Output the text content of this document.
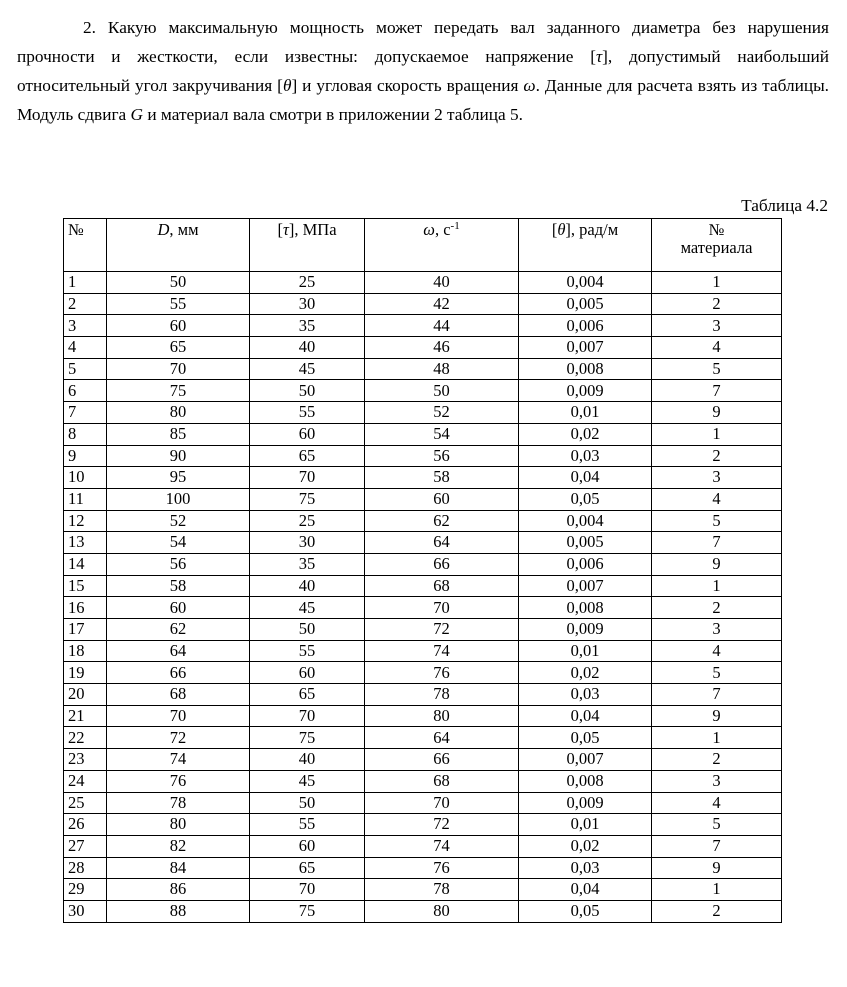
2. Какую максимальную мощность может передать вал заданного диаметра без нарушения прочности и жесткости, если известны: допускаемое напряжение [τ], допустимый наибольший относительный угол закручивания [θ] и угловая скорость вращения ω. Данные для расчета взять из таблицы. Модуль сдвига G и материал вала смотри в приложении 2 таблица 5.

Таблица 4.2

№	D, мм	[τ], МПа	ω, $с^{-1}$	[θ], рад/м	№
материала
1	50	25	40	0,004	1
2	55	30	42	0,005	2
3	60	35	44	0,006	3
4	65	40	46	0,007	4
5	70	45	48	0,008	5
6	75	50	50	0,009	7
7	80	55	52	0,01	9
8	85	60	54	0,02	1
9	90	65	56	0,03	2
10	95	70	58	0,04	3
11	100	75	60	0,05	4
12	52	25	62	0,004	5
13	54	30	64	0,005	7
14	56	35	66	0,006	9
15	58	40	68	0,007	1
16	60	45	70	0,008	2
17	62	50	72	0,009	3
18	64	55	74	0,01	4
19	66	60	76	0,02	5
20	68	65	78	0,03	7
21	70	70	80	0,04	9
22	72	75	64	0,05	1
23	74	40	66	0,007	2
24	76	45	68	0,008	3
25	78	50	70	0,009	4
26	80	55	72	0,01	5
27	82	60	74	0,02	7
28	84	65	76	0,03	9
29	86	70	78	0,04	1
30	88	75	80	0,05	2
